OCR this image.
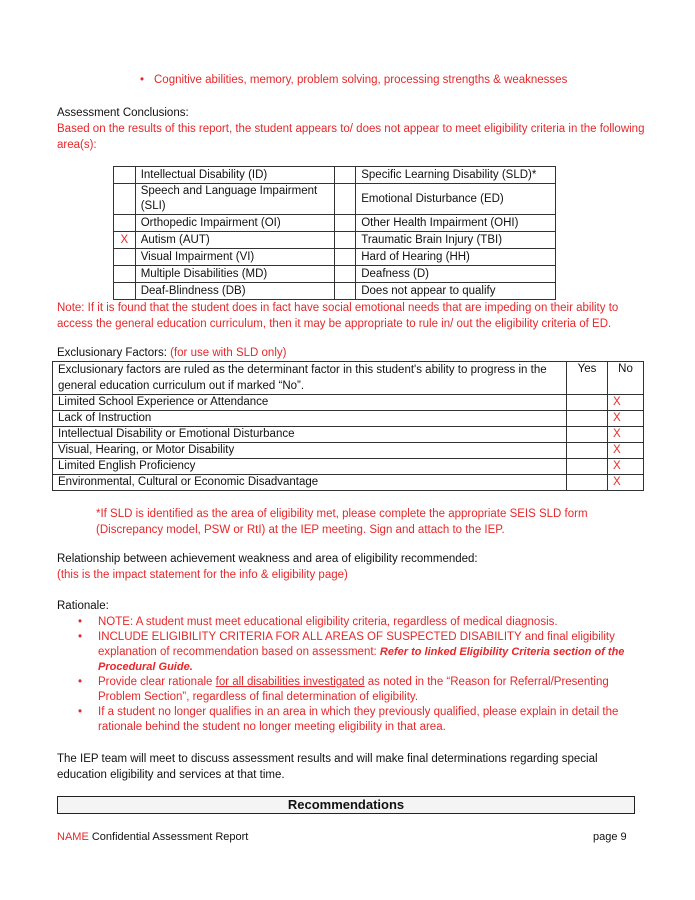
• Cognitive abilities, memory, problem solving, processing strengths & weaknesses
Assessment Conclusions:
Based on the results of this report, the student appears to/ does not appear to meet eligibility criteria in the following area(s):
	Intellectual Disability (ID)		Specific Learning Disability (SLD)*
	Speech and Language Impairment (SLI)		Emotional Disturbance (ED)
	Orthopedic Impairment (OI)		Other Health Impairment (OHI)
X	Autism (AUT)		Traumatic Brain Injury (TBI)
	Visual Impairment (VI)		Hard of Hearing (HH)
	Multiple Disabilities (MD)		Deafness (D)
	Deaf-Blindness (DB)		Does not appear to qualify
Note: If it is found that the student does in fact have social emotional needs that are impeding on their ability to access the general education curriculum, then it may be appropriate to rule in/ out the eligibility criteria of ED.
Exclusionary Factors: (for use with SLD only)
Exclusionary factors are ruled as the determinant factor in this student's ability to progress in the general education curriculum out if marked “No”.	Yes	No
Limited School Experience or Attendance		X
Lack of Instruction		X
Intellectual Disability or Emotional Disturbance		X
Visual, Hearing, or Motor Disability		X
Limited English Proficiency		X
Environmental, Cultural or Economic Disadvantage		X
*If SLD is identified as the area of eligibility met, please complete the appropriate SEIS SLD form (Discrepancy model, PSW or RtI) at the IEP meeting. Sign and attach to the IEP.
Relationship between achievement weakness and area of eligibility recommended:
(this is the impact statement for the info & eligibility page)
Rationale:
• NOTE: A student must meet educational eligibility criteria, regardless of medical diagnosis.
• INCLUDE ELIGIBILITY CRITERIA FOR ALL AREAS OF SUSPECTED DISABILITY and final eligibility explanation of recommendation based on assessment: Refer to linked Eligibility Criteria section of the Procedural Guide.
• Provide clear rationale for all disabilities investigated as noted in the “Reason for Referral/Presenting Problem Section”, regardless of final determination of eligibility.
• If a student no longer qualifies in an area in which they previously qualified, please explain in detail the rationale behind the student no longer meeting eligibility in that area.
The IEP team will meet to discuss assessment results and will make final determinations regarding special education eligibility and services at that time.
Recommendations
NAME Confidential Assessment Report	page 9
